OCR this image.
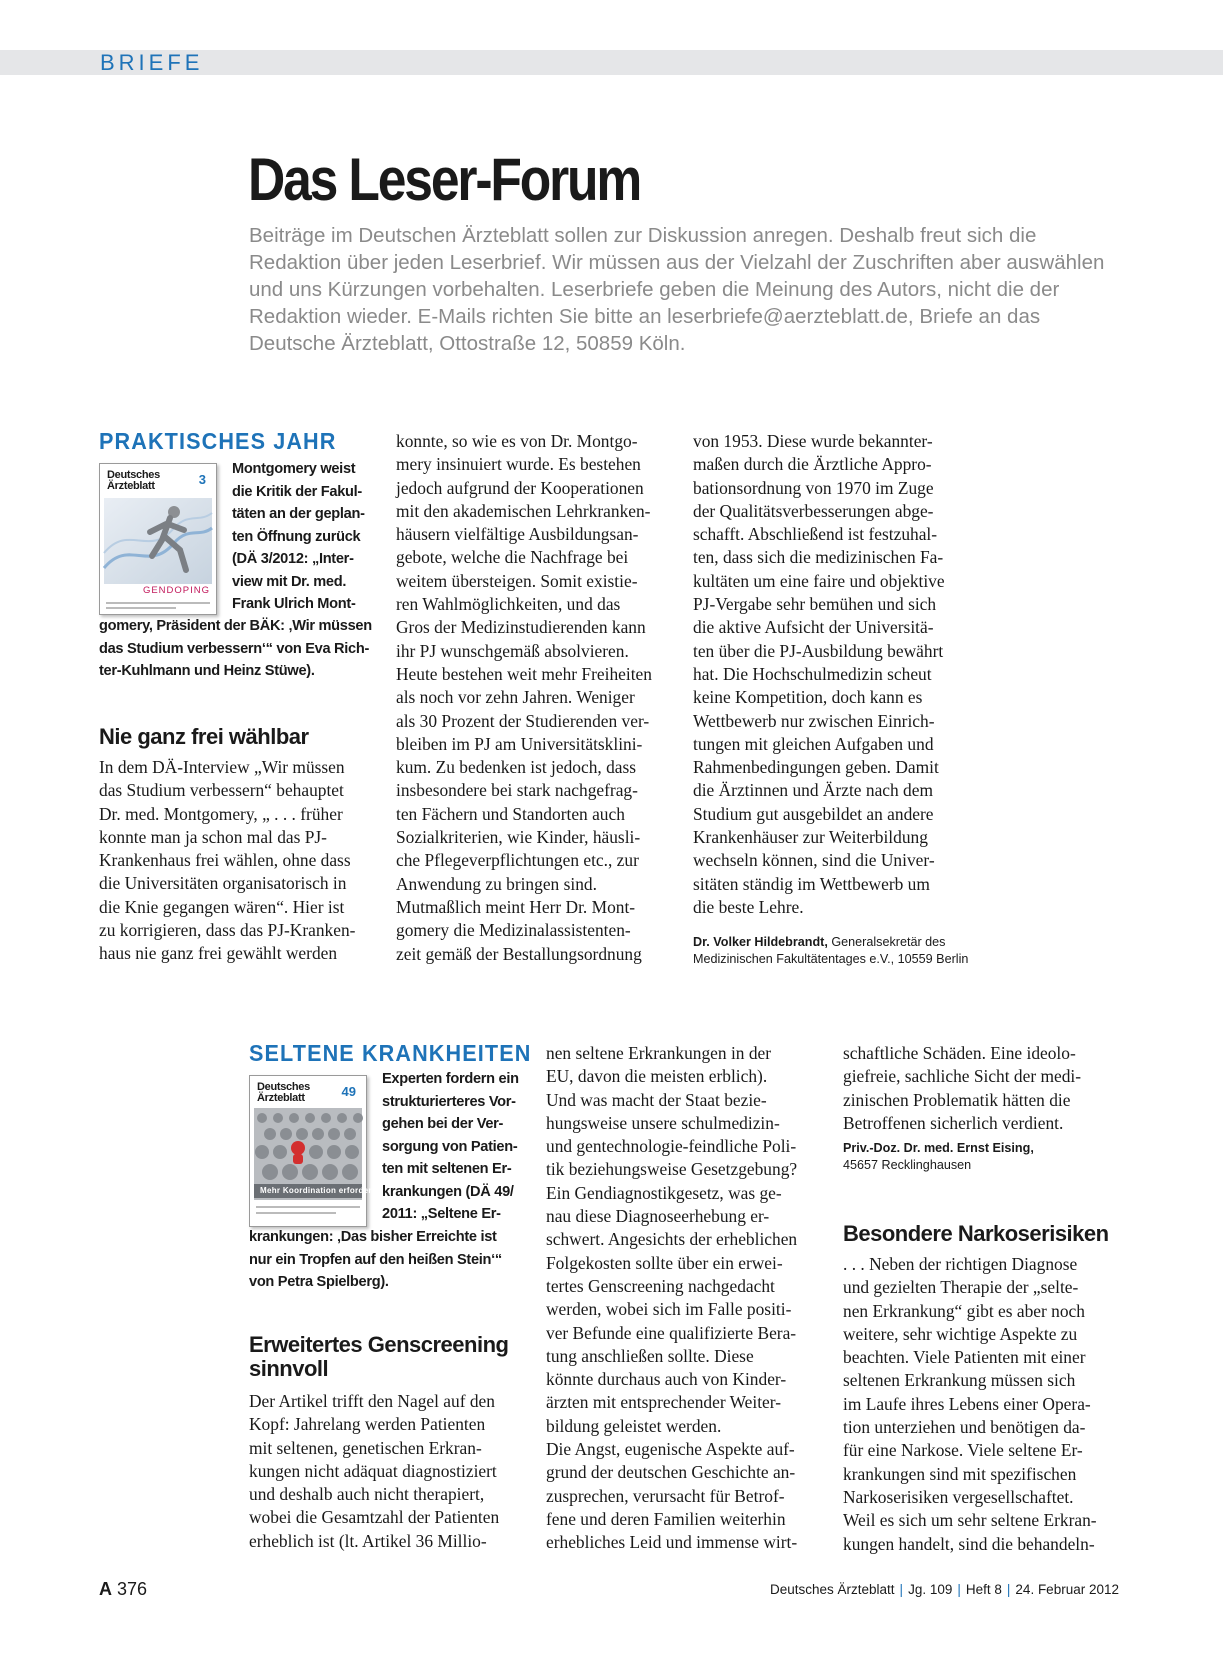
BRIEFE
Das Leser-Forum
Beiträge im Deutschen Ärzteblatt sollen zur Diskussion anregen. Deshalb freut sich die Redaktion über jeden Leserbrief. Wir müssen aus der Vielzahl der Zuschriften aber auswählen und uns Kürzungen vorbehalten. Leserbriefe geben die Meinung des Autors, nicht die der Redaktion wieder. E-Mails richten Sie bitte an leserbriefe@aerzteblatt.de, Briefe an das Deutsche Ärzteblatt, Ottostraße 12, 50859 Köln.
PRAKTISCHES JAHR
Deutsches
Ärzteblatt	3
GENDOPING
Montgomery weist
die Kritik der Fakul-
täten an der geplan-
ten Öffnung zurück
(DÄ 3/2012: „Inter-
view mit Dr. med.
Frank Ulrich Mont-
gomery, Präsident der BÄK: ‚Wir müssen
das Studium verbessern‘“ von Eva Rich-
ter-Kuhlmann und Heinz Stüwe).
Nie ganz frei wählbar
In dem DÄ-Interview „Wir müssen
das Studium verbessern“ behauptet
Dr. med. Montgomery, „ . . . früher
konnte man ja schon mal das PJ-
Krankenhaus frei wählen, ohne dass
die Universitäten organisatorisch in
die Knie gegangen wären“. Hier ist
zu korrigieren, dass das PJ-Kranken-
haus nie ganz frei gewählt werden
konnte, so wie es von Dr. Montgo-
mery insinuiert wurde. Es bestehen
jedoch aufgrund der Kooperationen
mit den akademischen Lehrkranken-
häusern vielfältige Ausbildungsan-
gebote, welche die Nachfrage bei
weitem übersteigen. Somit existie-
ren Wahlmöglichkeiten, und das
Gros der Medizinstudierenden kann
ihr PJ wunschgemäß absolvieren.
Heute bestehen weit mehr Freiheiten
als noch vor zehn Jahren. Weniger
als 30 Prozent der Studierenden ver-
bleiben im PJ am Universitätsklini-
kum. Zu bedenken ist jedoch, dass
insbesondere bei stark nachgefrag-
ten Fächern und Standorten auch
Sozialkriterien, wie Kinder, häusli-
che Pflegeverpflichtungen etc., zur
Anwendung zu bringen sind.
Mutmaßlich meint Herr Dr. Mont-
gomery die Medizinalassistenten-
zeit gemäß der Bestallungsordnung
von 1953. Diese wurde bekannter-
maßen durch die Ärztliche Appro-
bationsordnung von 1970 im Zuge
der Qualitätsverbesserungen abge-
schafft. Abschließend ist festzuhal-
ten, dass sich die medizinischen Fa-
kultäten um eine faire und objektive
PJ-Vergabe sehr bemühen und sich
die aktive Aufsicht der Universitä-
ten über die PJ-Ausbildung bewährt
hat. Die Hochschulmedizin scheut
keine Kompetition, doch kann es
Wettbewerb nur zwischen Einrich-
tungen mit gleichen Aufgaben und
Rahmenbedingungen geben. Damit
die Ärztinnen und Ärzte nach dem
Studium gut ausgebildet an andere
Krankenhäuser zur Weiterbildung
wechseln können, sind die Univer-
sitäten ständig im Wettbewerb um
die beste Lehre.
Dr. Volker Hildebrandt, Generalsekretär des
Medizinischen Fakultätentages e.V., 10559 Berlin
SELTENE KRANKHEITEN
Deutsches
Ärzteblatt	49
Mehr Koordination erforderlich
Experten fordern ein
strukturierteres Vor-
gehen bei der Ver-
sorgung von Patien-
ten mit seltenen Er-
krankungen (DÄ 49/
2011: „Seltene Er-
krankungen: ‚Das bisher Erreichte ist
nur ein Tropfen auf den heißen Stein‘“
von Petra Spielberg).
Erweitertes Genscreening
sinnvoll
Der Artikel trifft den Nagel auf den
Kopf: Jahrelang werden Patienten
mit seltenen, genetischen Erkran-
kungen nicht adäquat diagnostiziert
und deshalb auch nicht therapiert,
wobei die Gesamtzahl der Patienten
erheblich ist (lt. Artikel 36 Millio-
nen seltene Erkrankungen in der
EU, davon die meisten erblich).
Und was macht der Staat bezie-
hungsweise unsere schulmedizin-
und gentechnologie-feindliche Poli-
tik beziehungsweise Gesetzgebung?
Ein Gendiagnostikgesetz, was ge-
nau diese Diagnoseerhebung er-
schwert. Angesichts der erheblichen
Folgekosten sollte über ein erwei-
tertes Genscreening nachgedacht
werden, wobei sich im Falle positi-
ver Befunde eine qualifizierte Bera-
tung anschließen sollte. Diese
könnte durchaus auch von Kinder-
ärzten mit entsprechender Weiter-
bildung geleistet werden.
Die Angst, eugenische Aspekte auf-
grund der deutschen Geschichte an-
zusprechen, verursacht für Betrof-
fene und deren Familien weiterhin
erhebliches Leid und immense wirt-
schaftliche Schäden. Eine ideolo-
giefreie, sachliche Sicht der medi-
zinischen Problematik hätten die
Betroffenen sicherlich verdient.
Priv.-Doz. Dr. med. Ernst Eising,
45657 Recklinghausen
Besondere Narkoserisiken
. . . Neben der richtigen Diagnose
und gezielten Therapie der „selte-
nen Erkrankung“ gibt es aber noch
weitere, sehr wichtige Aspekte zu
beachten. Viele Patienten mit einer
seltenen Erkrankung müssen sich
im Laufe ihres Lebens einer Opera-
tion unterziehen und benötigen da-
für eine Narkose. Viele seltene Er-
krankungen sind mit spezifischen
Narkoserisiken vergesellschaftet.
Weil es sich um sehr seltene Erkran-
kungen handelt, sind die behandeln-
A 376	Deutsches Ärzteblatt | Jg. 109 | Heft 8 | 24. Februar 2012
